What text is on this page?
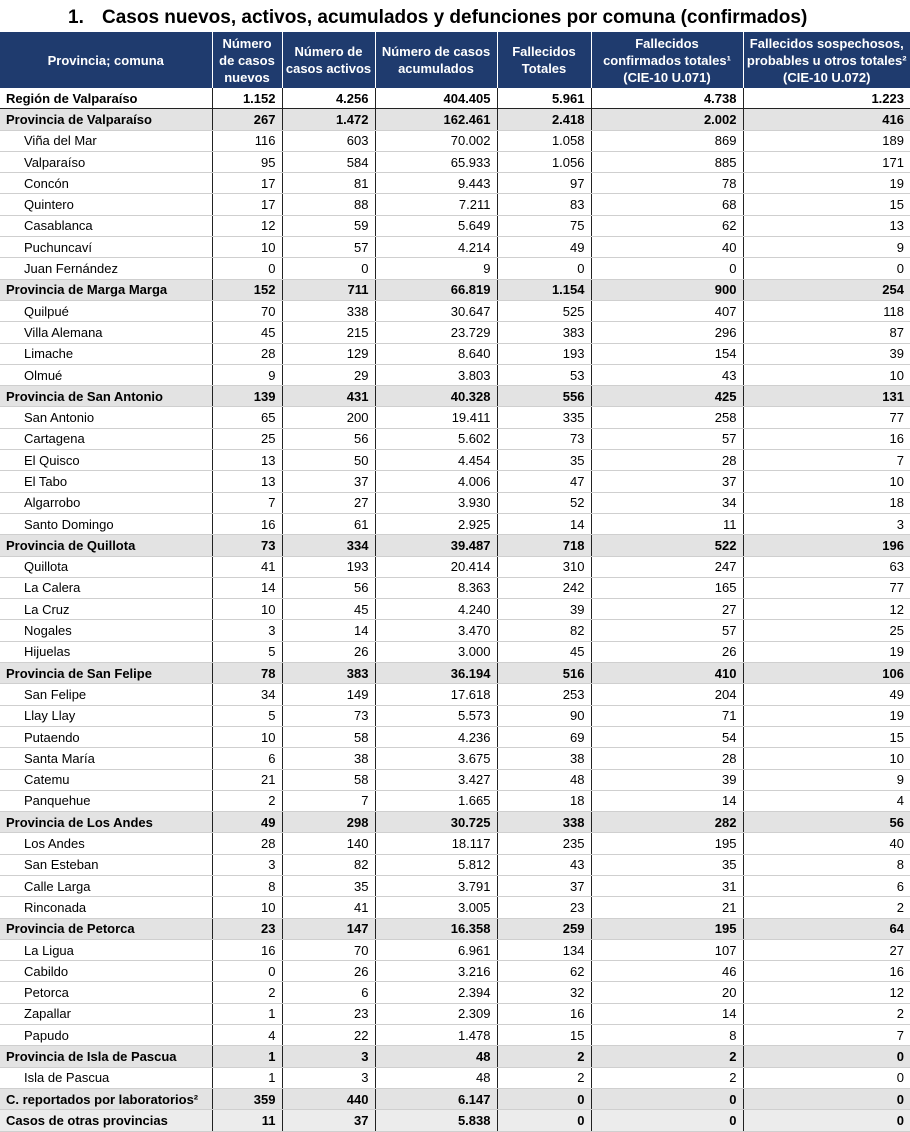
1. Casos nuevos, activos, acumulados y defunciones por comuna (confirmados)
Provincia; comuna	Número de casos nuevos	Número de casos activos	Número de casos acumulados	Fallecidos Totales	Fallecidos confirmados totales¹ (CIE-10 U.071)	Fallecidos sospechosos, probables u otros totales² (CIE-10 U.072)
Región de Valparaíso	1.152	4.256	404.405	5.961	4.738	1.223
Provincia de Valparaíso	267	1.472	162.461	2.418	2.002	416
Viña del Mar	116	603	70.002	1.058	869	189
Valparaíso	95	584	65.933	1.056	885	171
Concón	17	81	9.443	97	78	19
Quintero	17	88	7.211	83	68	15
Casablanca	12	59	5.649	75	62	13
Puchuncaví	10	57	4.214	49	40	9
Juan Fernández	0	0	9	0	0	0
Provincia de Marga Marga	152	711	66.819	1.154	900	254
Quilpué	70	338	30.647	525	407	118
Villa Alemana	45	215	23.729	383	296	87
Limache	28	129	8.640	193	154	39
Olmué	9	29	3.803	53	43	10
Provincia de San Antonio	139	431	40.328	556	425	131
San Antonio	65	200	19.411	335	258	77
Cartagena	25	56	5.602	73	57	16
El Quisco	13	50	4.454	35	28	7
El Tabo	13	37	4.006	47	37	10
Algarrobo	7	27	3.930	52	34	18
Santo Domingo	16	61	2.925	14	11	3
Provincia de Quillota	73	334	39.487	718	522	196
Quillota	41	193	20.414	310	247	63
La Calera	14	56	8.363	242	165	77
La Cruz	10	45	4.240	39	27	12
Nogales	3	14	3.470	82	57	25
Hijuelas	5	26	3.000	45	26	19
Provincia de San Felipe	78	383	36.194	516	410	106
San Felipe	34	149	17.618	253	204	49
Llay Llay	5	73	5.573	90	71	19
Putaendo	10	58	4.236	69	54	15
Santa María	6	38	3.675	38	28	10
Catemu	21	58	3.427	48	39	9
Panquehue	2	7	1.665	18	14	4
Provincia de Los Andes	49	298	30.725	338	282	56
Los Andes	28	140	18.117	235	195	40
San Esteban	3	82	5.812	43	35	8
Calle Larga	8	35	3.791	37	31	6
Rinconada	10	41	3.005	23	21	2
Provincia de Petorca	23	147	16.358	259	195	64
La Ligua	16	70	6.961	134	107	27
Cabildo	0	26	3.216	62	46	16
Petorca	2	6	2.394	32	20	12
Zapallar	1	23	2.309	16	14	2
Papudo	4	22	1.478	15	8	7
Provincia de Isla de Pascua	1	3	48	2	2	0
Isla de Pascua	1	3	48	2	2	0
C. reportados por laboratorios²	359	440	6.147	0	0	0
Casos de otras provincias	11	37	5.838	0	0	0
